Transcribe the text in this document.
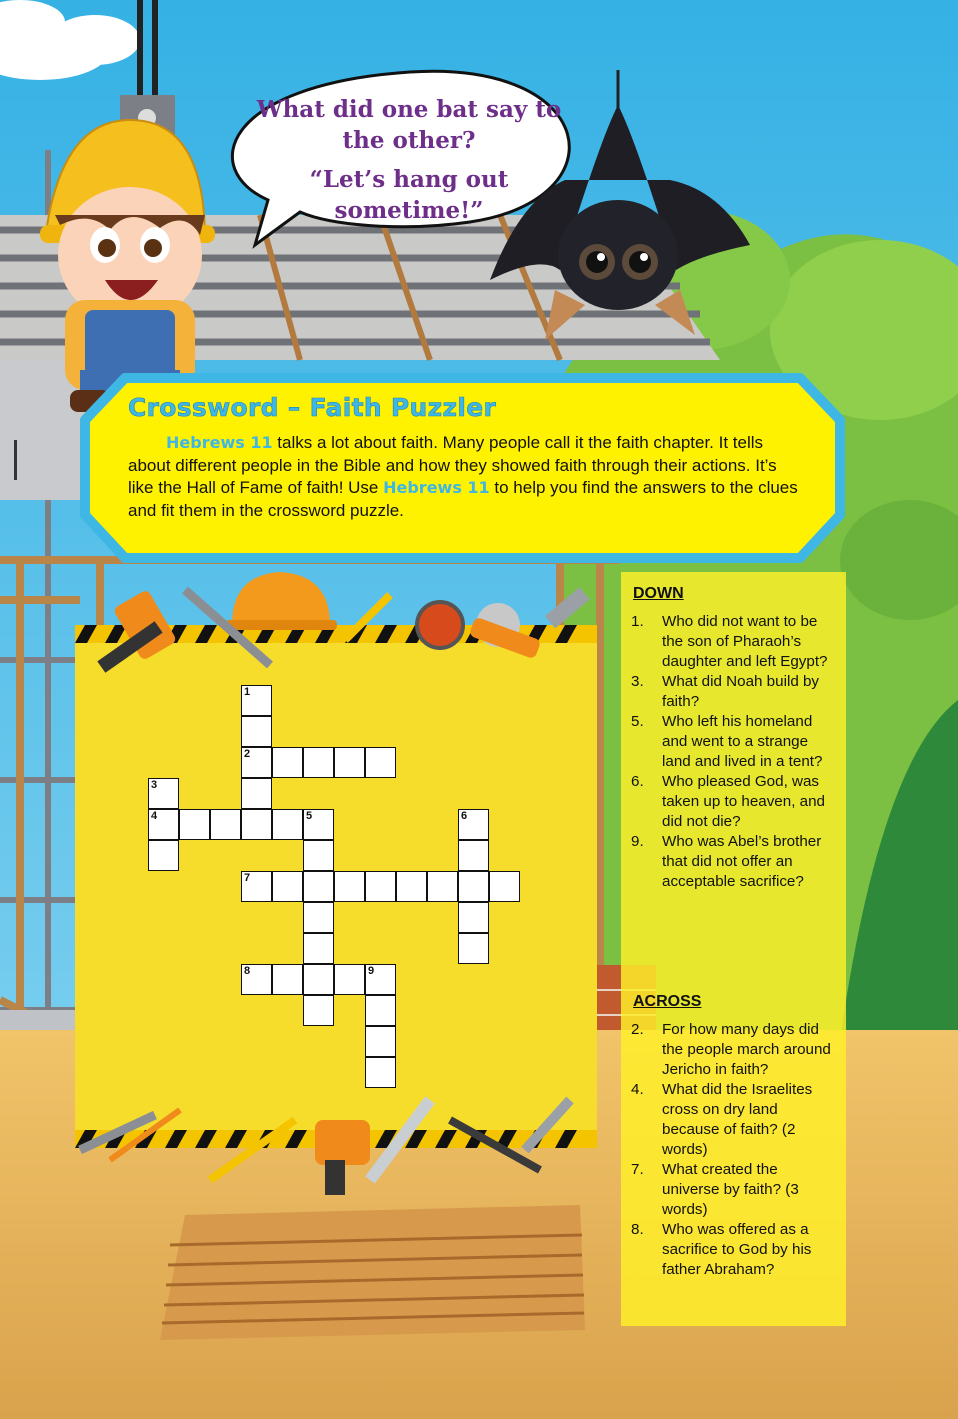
What did one bat say to the other?
“Let’s hang out sometime!”
Crossword – Faith Puzzler
Hebrews 11 talks a lot about faith. Many people call it the faith chapter. It tells about different people in the Bible and how they showed faith through their actions. It’s like the Hall of Fame of faith! Use Hebrews 11 to help you find the answers to the clues and fit them in the crossword puzzle.
1
2
3
4	5
7
8
6
9
DOWN
1. Who did not want to be the son of Pharaoh’s daughter and left Egypt?
3. What did Noah build by faith?
5. Who left his homeland and went to a strange land and lived in a tent?
6. Who pleased God, was taken up to heaven, and did not die?
9. Who was Abel’s brother that did not offer an acceptable sacrifice?
ACROSS
2. For how many days did the people march around Jericho in faith?
4. What did the Israelites cross on dry land because of faith? (2 words)
7. What created the universe by faith? (3 words)
8. Who was offered as a sacrifice to God by his father Abraham?
